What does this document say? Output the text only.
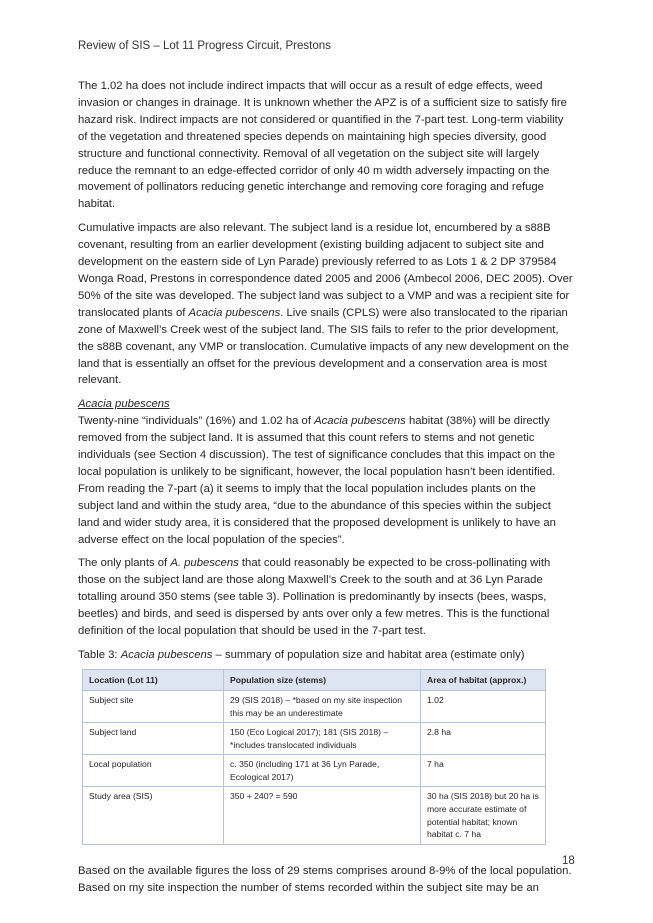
Review of SIS – Lot 11 Progress Circuit, Prestons

The 1.02 ha does not include indirect impacts that will occur as a result of edge effects, weed invasion or changes in drainage. It is unknown whether the APZ is of a sufficient size to satisfy fire hazard risk. Indirect impacts are not considered or quantified in the 7-part test. Long-term viability of the vegetation and threatened species depends on maintaining high species diversity, good structure and functional connectivity. Removal of all vegetation on the subject site will largely reduce the remnant to an edge-effected corridor of only 40 m width adversely impacting on the movement of pollinators reducing genetic interchange and removing core foraging and refuge habitat.

Cumulative impacts are also relevant. The subject land is a residue lot, encumbered by a s88B covenant, resulting from an earlier development (existing building adjacent to subject site and development on the eastern side of Lyn Parade) previously referred to as Lots 1 & 2 DP 379584 Wonga Road, Prestons in correspondence dated 2005 and 2006 (Ambecol 2006, DEC 2005). Over 50% of the site was developed. The subject land was subject to a VMP and was a recipient site for translocated plants of Acacia pubescens. Live snails (CPLS) were also translocated to the riparian zone of Maxwell’s Creek west of the subject land. The SIS fails to refer to the prior development, the s88B covenant, any VMP or translocation. Cumulative impacts of any new development on the land that is essentially an offset for the previous development and a conservation area is most relevant.

Acacia pubescens

Twenty-nine “individuals” (16%) and 1.02 ha of Acacia pubescens habitat (38%) will be directly removed from the subject land. It is assumed that this count refers to stems and not genetic individuals (see Section 4 discussion). The test of significance concludes that this impact on the local population is unlikely to be significant, however, the local population hasn’t been identified. From reading the 7-part (a) it seems to imply that the local population includes plants on the subject land and within the study area, “due to the abundance of this species within the subject land and wider study area, it is considered that the proposed development is unlikely to have an adverse effect on the local population of the species”.

The only plants of A. pubescens that could reasonably be expected to be cross-pollinating with those on the subject land are those along Maxwell’s Creek to the south and at 36 Lyn Parade totalling around 350 stems (see table 3). Pollination is predominantly by insects (bees, wasps, beetles) and birds, and seed is dispersed by ants over only a few metres. This is the functional definition of the local population that should be used in the 7-part test.

Table 3: Acacia pubescens – summary of population size and habitat area (estimate only)
Location (Lot 11)	Population size (stems)	Area of habitat (approx.)
Subject site	29 (SIS 2018) – *based on my site inspection this may be an underestimate	1.02
Subject land	150 (Eco Logical 2017); 181 (SIS 2018) – *includes translocated individuals	2.8 ha
Local population	c. 350 (including 171 at 36 Lyn Parade, Ecological 2017)	7 ha
Study area (SIS)	350 + 240? = 590	30 ha (SIS 2018) but 20 ha is more accurate estimate of potential habitat; known habitat c. 7 ha

Based on the available figures the loss of 29 stems comprises around 8-9% of the local population. Based on my site inspection the number of stems recorded within the subject site may be an

18
